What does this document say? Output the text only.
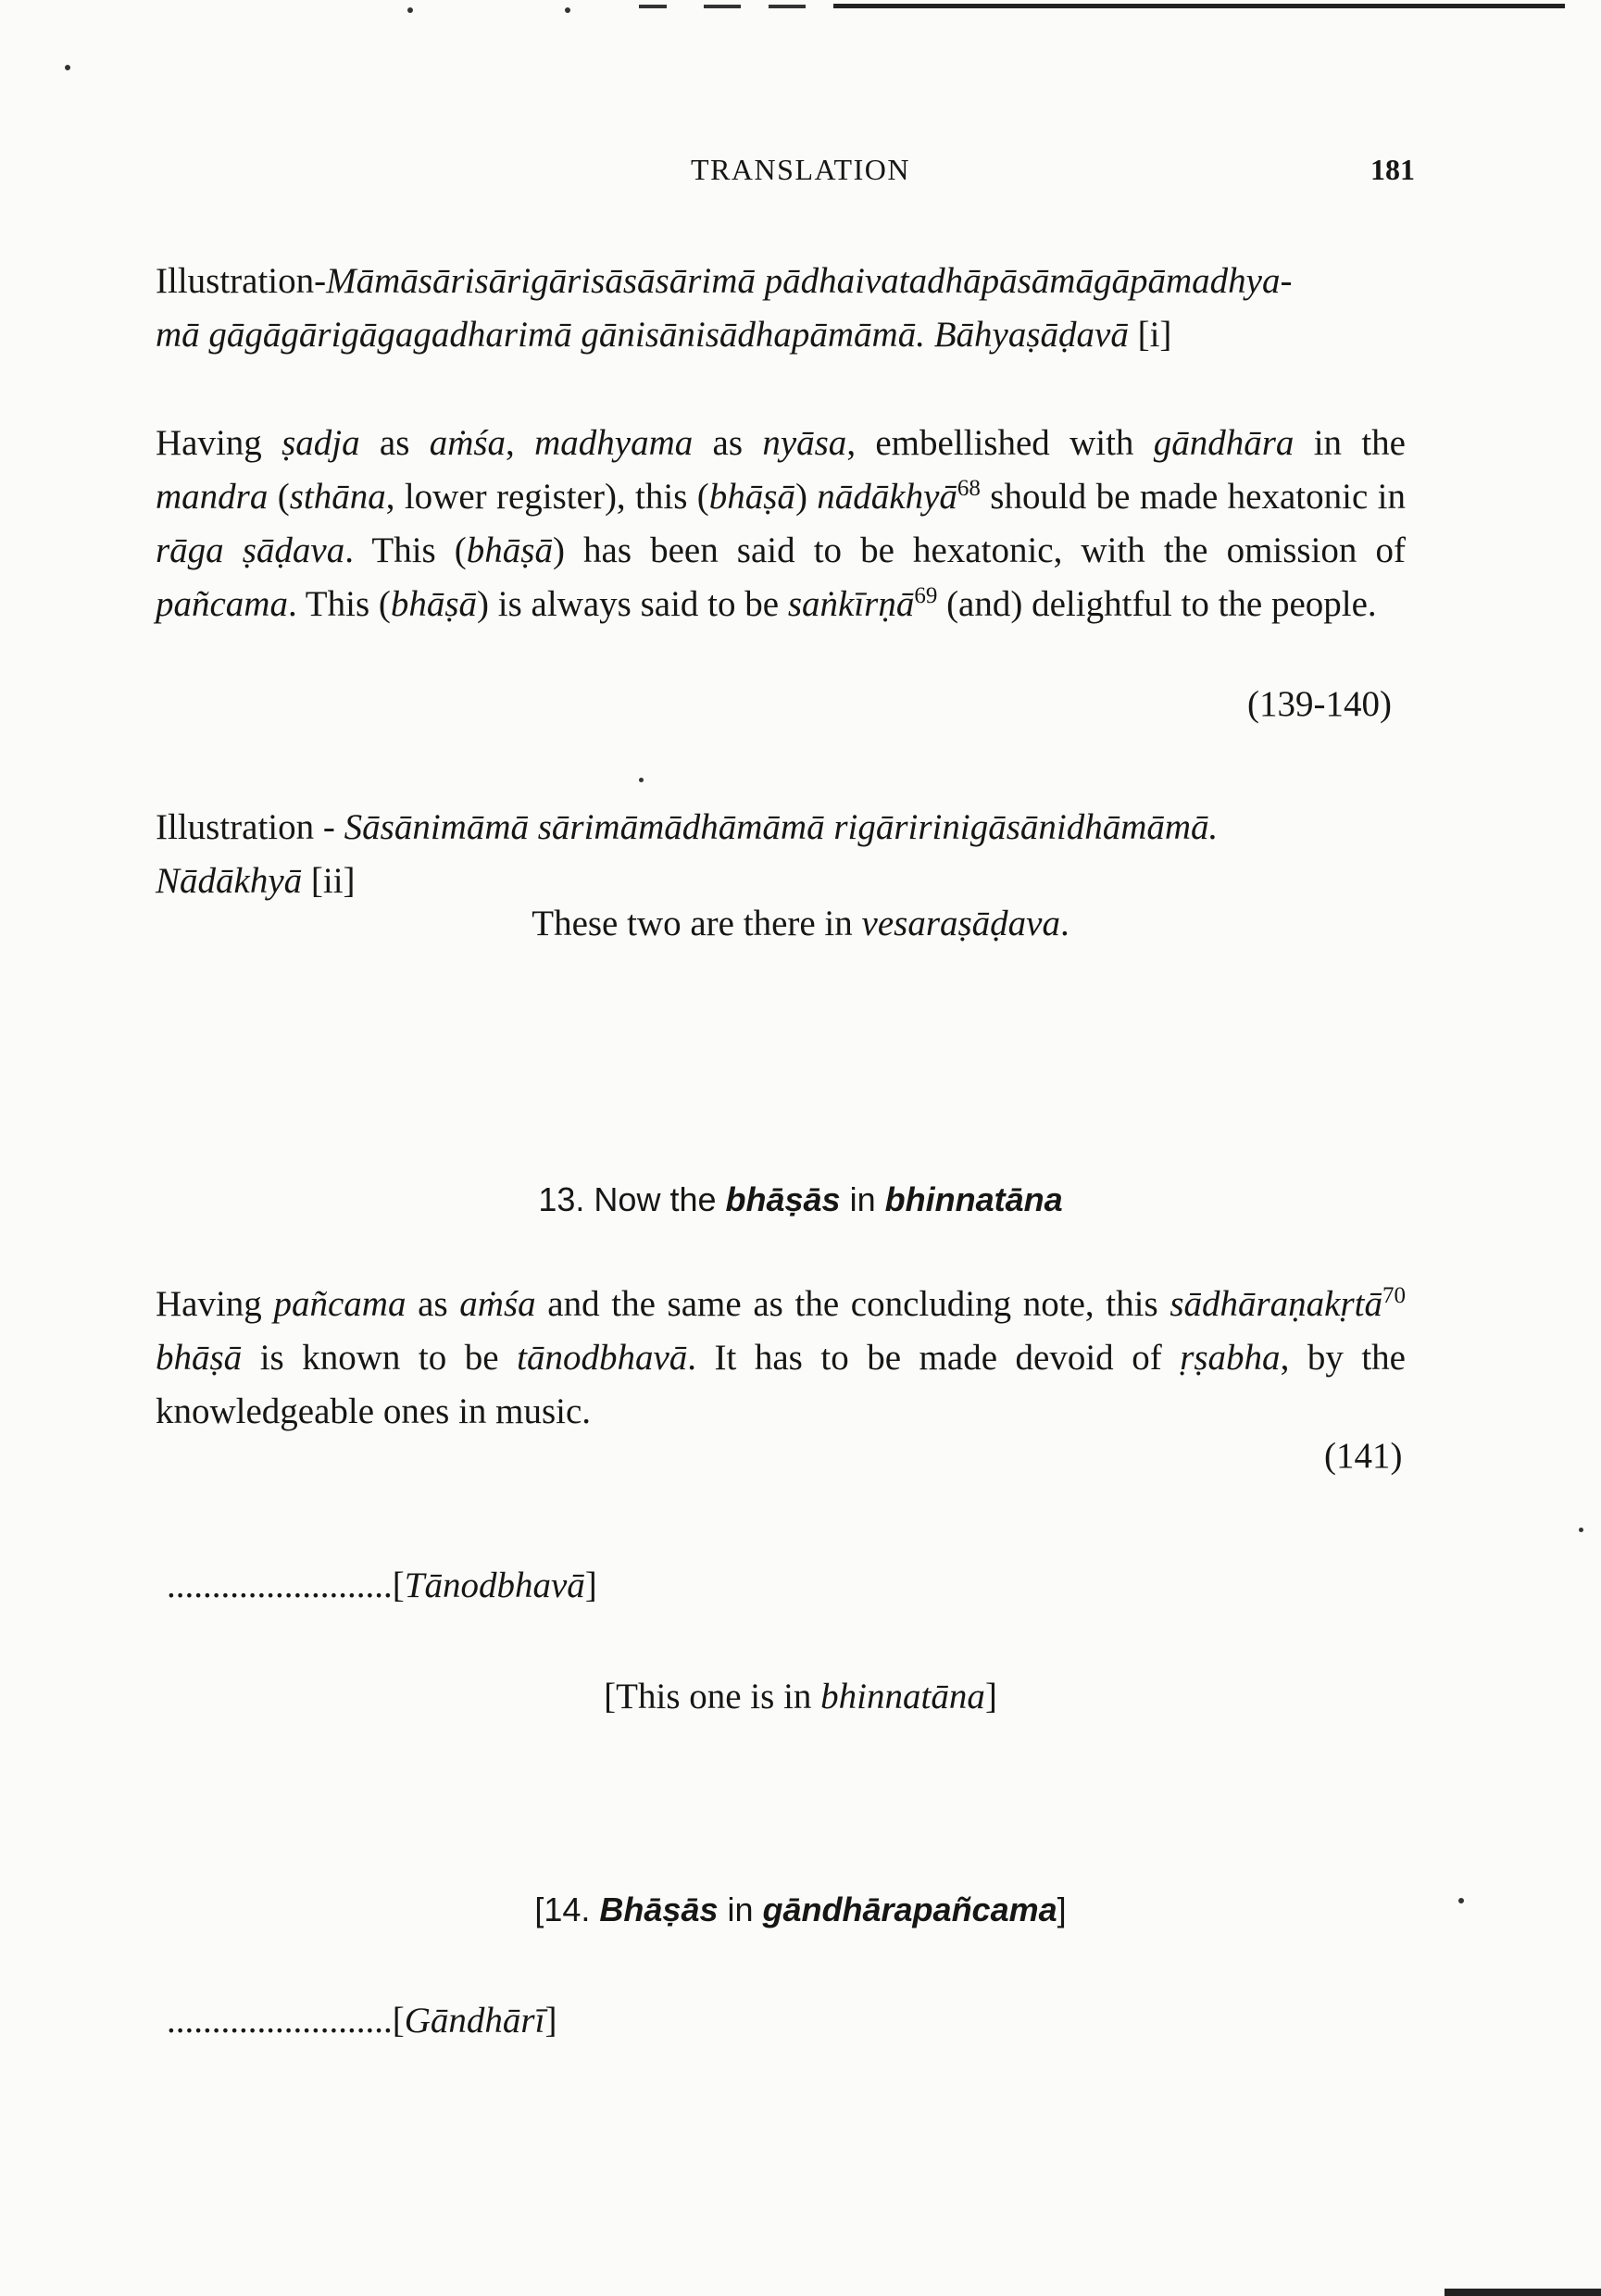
TRANSLATION	181

Illustration-Māmāsārisārigārisāsāsārimā pādhaivatadhāpāsāmāgāpāmadhya-
mā gāgāgārigāgagadharimā gānisānisādhapāmāmā. Bāhyaṣāḍavā [i]

Having ṣadja as aṁśa, madhyama as nyāsa, embellished with gāndhāra in the mandra (sthāna, lower register), this (bhāṣā) nādākhyā$^{68}$ should be made hexatonic in rāga ṣāḍava. This (bhāṣā) has been said to be hexatonic, with the omission of pañcama. This (bhāṣā) is always said to be saṅkīrṇā$^{69}$ (and) delightful to the people.

(139-140)

Illustration - Sāsānimāmā sārimāmādhāmāmā rigāririnigāsānidhāmāmā.
Nādākhyā [ii]

These two are there in vesaraṣāḍava.

13. Now the bhāṣās in bhinnatāna

Having pañcama as aṁśa and the same as the concluding note, this sādhāraṇakṛtā$^{70}$ bhāṣā is known to be tānodbhavā. It has to be made devoid of ṛṣabha, by the knowledgeable ones in music.

(141)

.........................[Tānodbhavā]

[This one is in bhinnatāna]

[14. Bhāṣās in gāndhārapañcama]

.........................[Gāndhārī]
